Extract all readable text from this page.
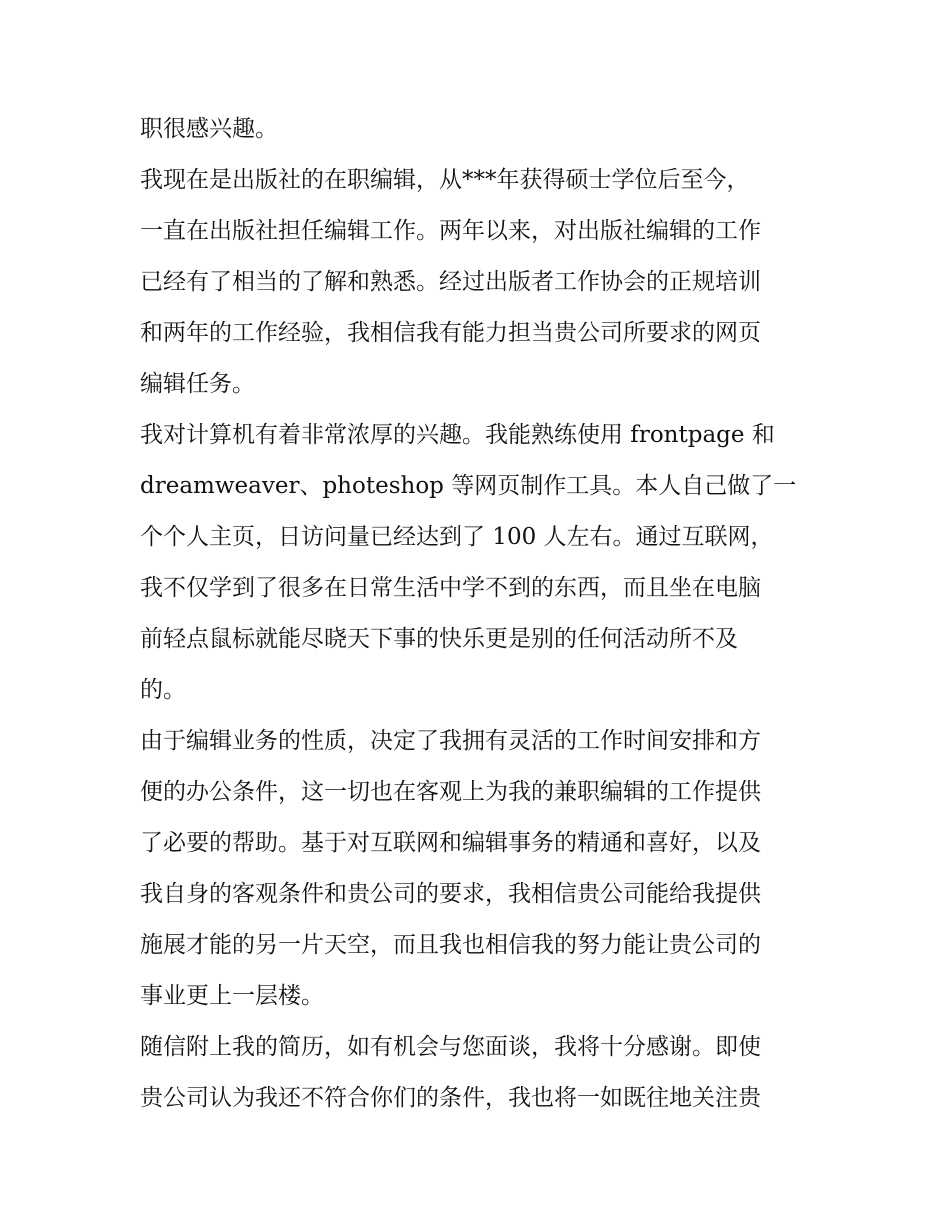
职很感兴趣。
我现在是出版社的在职编辑，从***年获得硕士学位后至今，
一直在出版社担任编辑工作。两年以来，对出版社编辑的工作
已经有了相当的了解和熟悉。经过出版者工作协会的正规培训
和两年的工作经验，我相信我有能力担当贵公司所要求的网页
编辑任务。
我对计算机有着非常浓厚的兴趣。我能熟练使用 frontpage 和
dreamweaver、photeshop 等网页制作工具。本人自己做了一
个个人主页，日访问量已经达到了 100 人左右。通过互联网，
我不仅学到了很多在日常生活中学不到的东西，而且坐在电脑
前轻点鼠标就能尽晓天下事的快乐更是别的任何活动所不及
的。
由于编辑业务的性质，决定了我拥有灵活的工作时间安排和方
便的办公条件，这一切也在客观上为我的兼职编辑的工作提供
了必要的帮助。基于对互联网和编辑事务的精通和喜好，以及
我自身的客观条件和贵公司的要求，我相信贵公司能给我提供
施展才能的另一片天空，而且我也相信我的努力能让贵公司的
事业更上一层楼。
随信附上我的简历，如有机会与您面谈，我将十分感谢。即使
贵公司认为我还不符合你们的条件，我也将一如既往地关注贵
